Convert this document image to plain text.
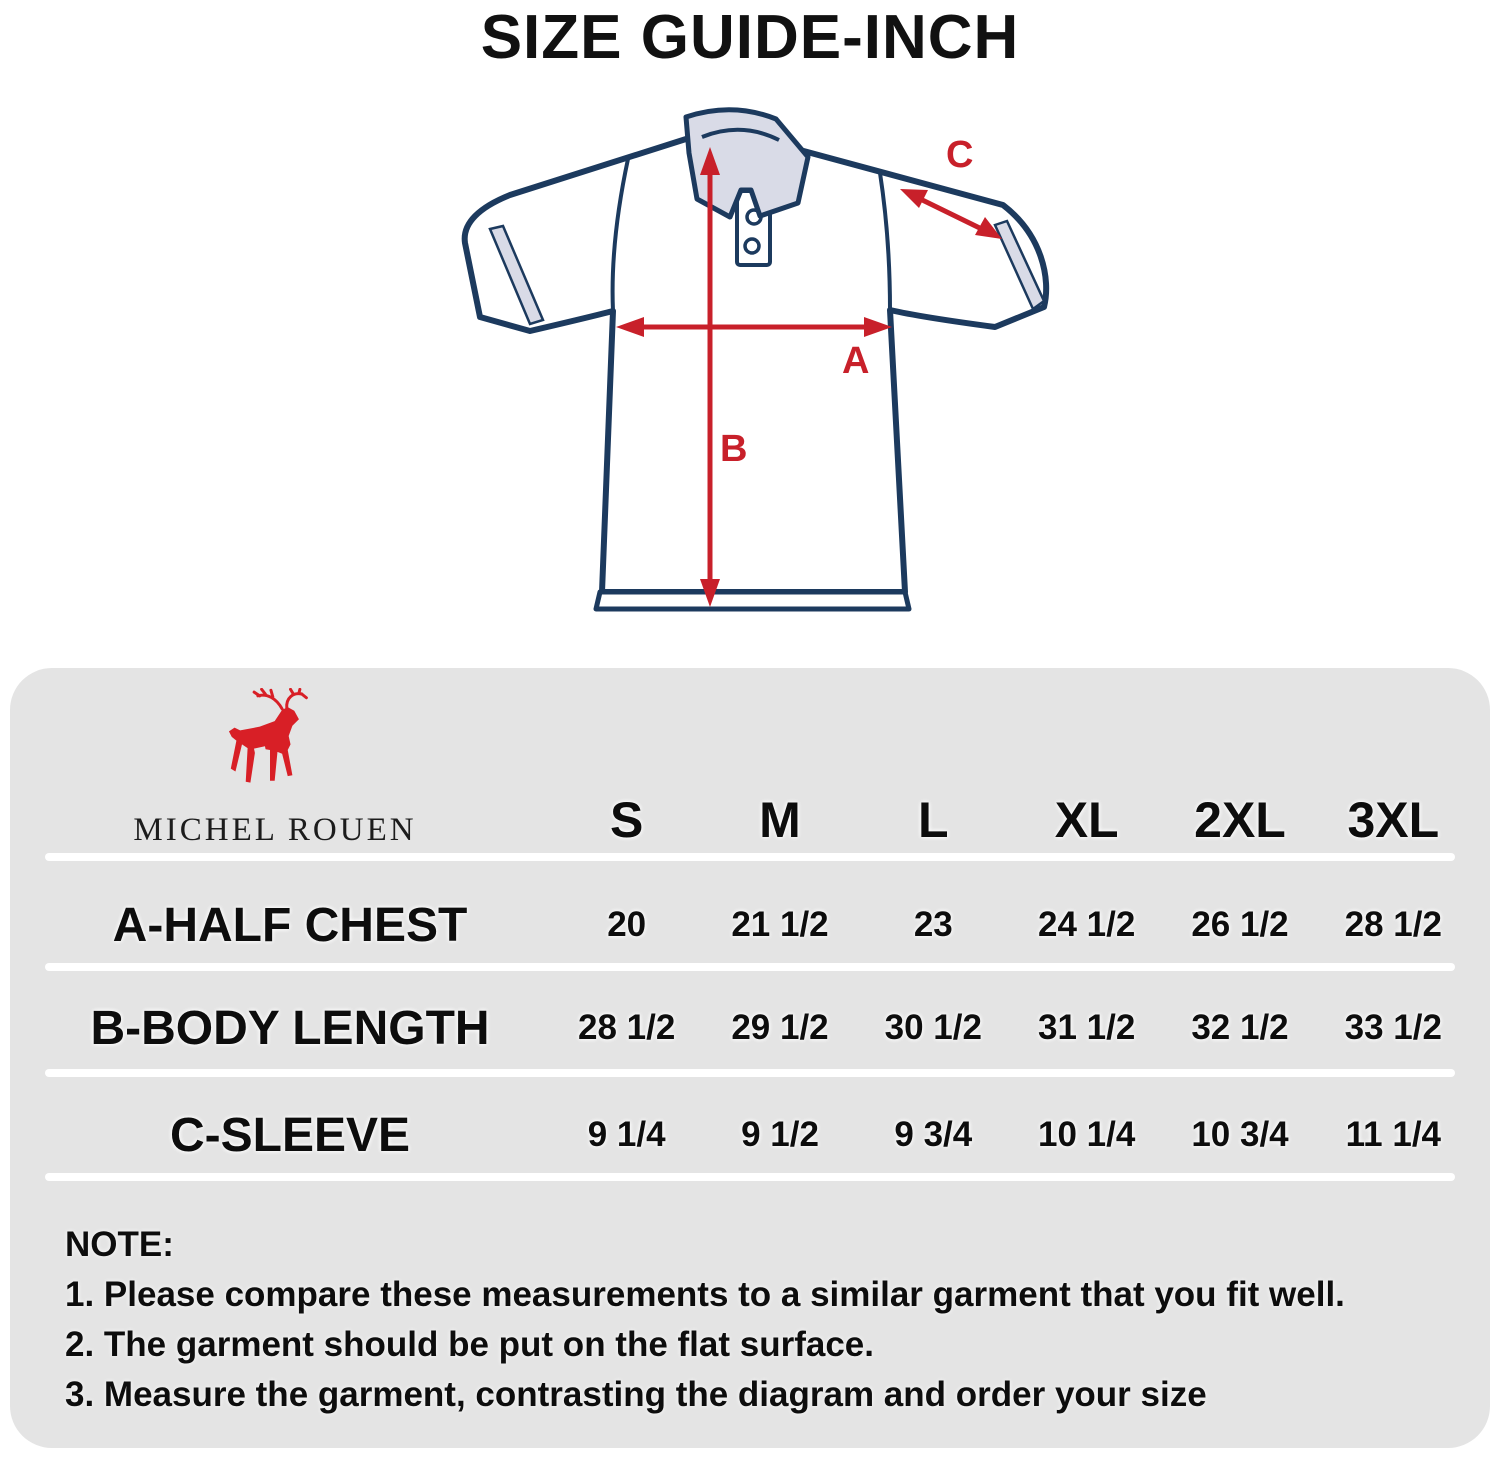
SIZE GUIDE-INCH
A
B
C
MICHEL ROUEN	S	M	L	XL	2XL	3XL
A-HALF CHEST	20	21 1/2	23	24 1/2	26 1/2	28 1/2
B-BODY LENGTH	28 1/2	29 1/2	30 1/2	31 1/2	32 1/2	33 1/2
C-SLEEVE	9 1/4	9 1/2	9 3/4	10 1/4	10 3/4	11 1/4
NOTE:
1. Please compare these measurements to a similar garment that you fit well.
2. The garment should be put on the flat surface.
3. Measure the garment, contrasting the diagram and order your size
